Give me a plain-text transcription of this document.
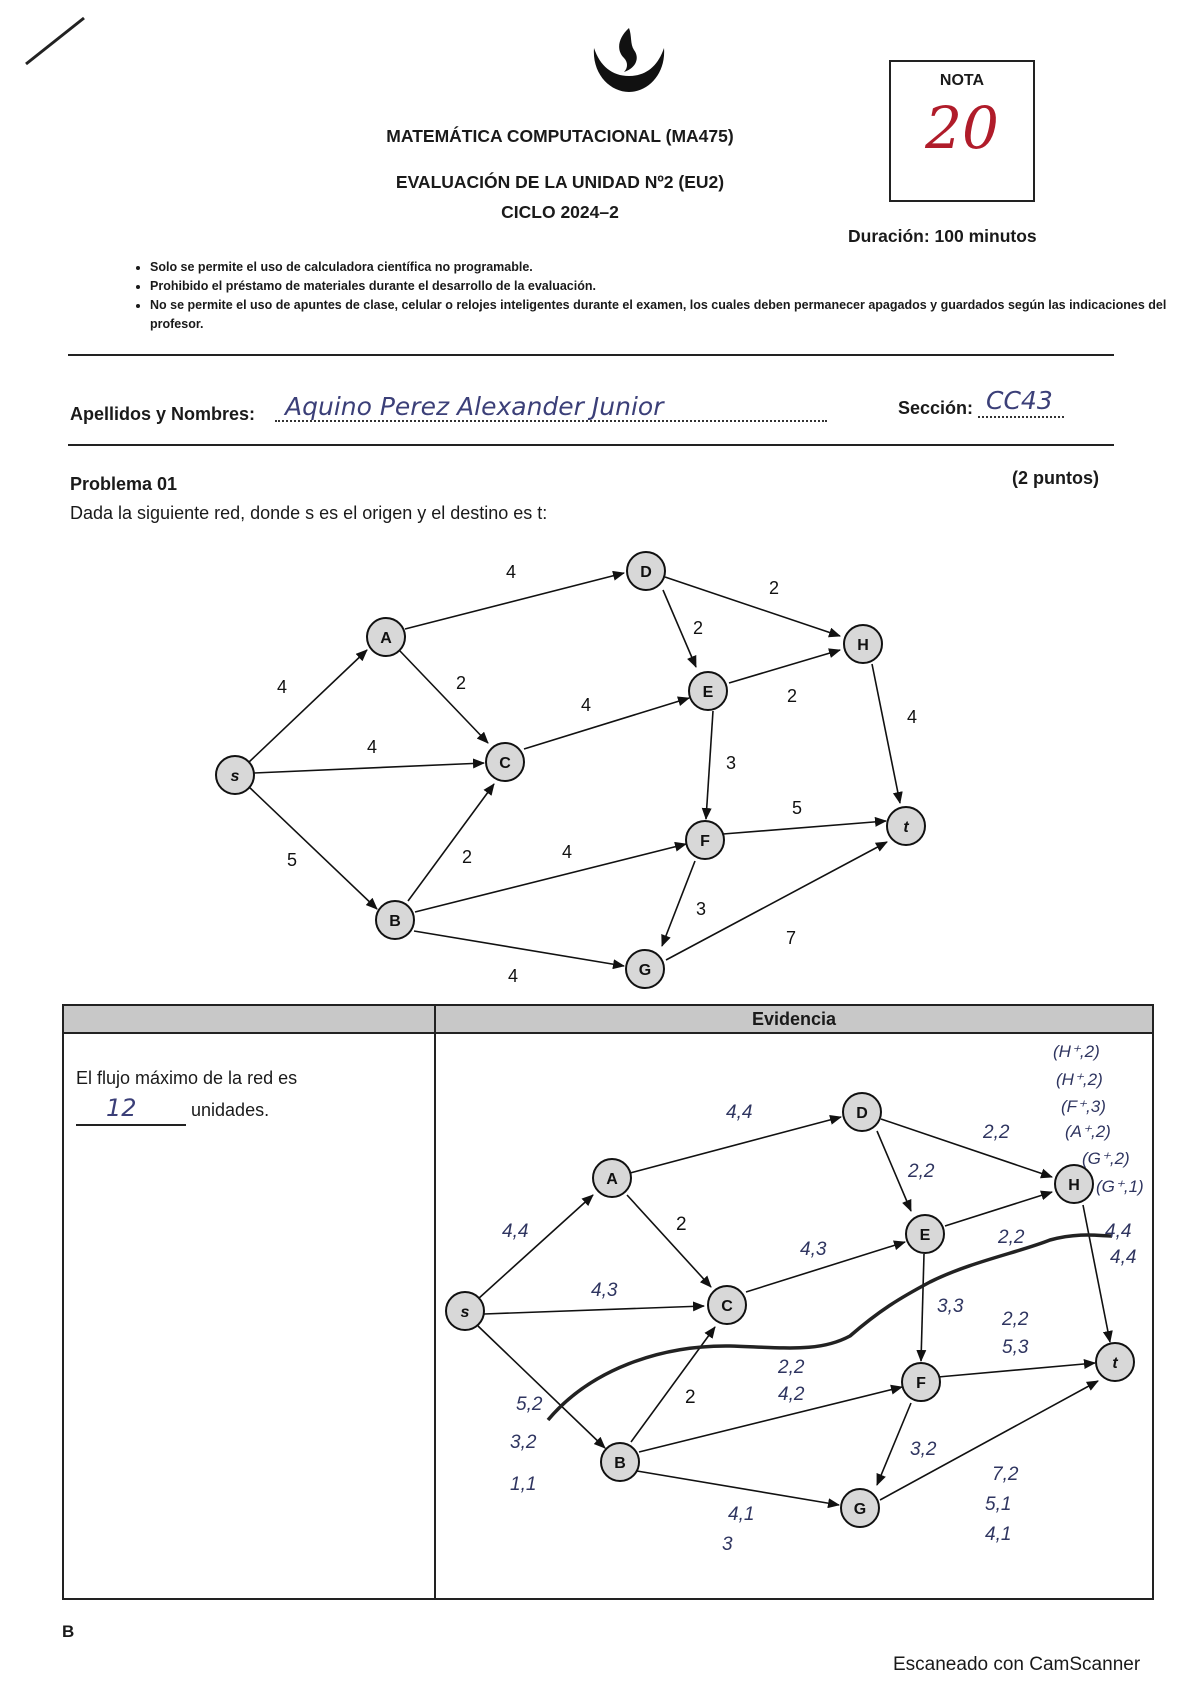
MATEMÁTICA COMPUTACIONAL (MA475)
EVALUACIÓN DE LA UNIDAD Nº2 (EU2)
CICLO 2024–2
Duración: 100 minutos
NOTA
20
• Solo se permite el uso de calculadora científica no programable.
• Prohibido el préstamo de materiales durante el desarrollo de la evaluación.
• No se permite el uso de apuntes de clase, celular o relojes inteligentes durante el examen, los cuales deben permanecer apagados y guardados según las indicaciones del profesor.
Apellidos y Nombres: Aquino Perez Alexander Junior	Sección: CC43
Problema 01	(2 puntos)
Dada la siguiente red, donde s es el origen y el destino es t:
s
A
B
C
D
E
F
G
H
t
4
4
5
4
2
2	4
4
4
2
2
2
3
5
3
7
4
	Evidencia

El flujo máximo de la red es

12 unidades.	

s
A
B
C
D
E
F
G
H
t
4,4
4,3
5,2
3,2
1,1
4,4
2
2
2,2
4,2
4,1
3
4,3
2,2
2,2
2,2
3,3
2,2
5,3
3,2
7,2
5,1
4,1
4,4
4,4
(H⁺,2)
(H⁺,2)
(F⁺,3)
(A⁺,2)
(G⁺,2)
(G⁺,1)
B
Escaneado con CamScanner
